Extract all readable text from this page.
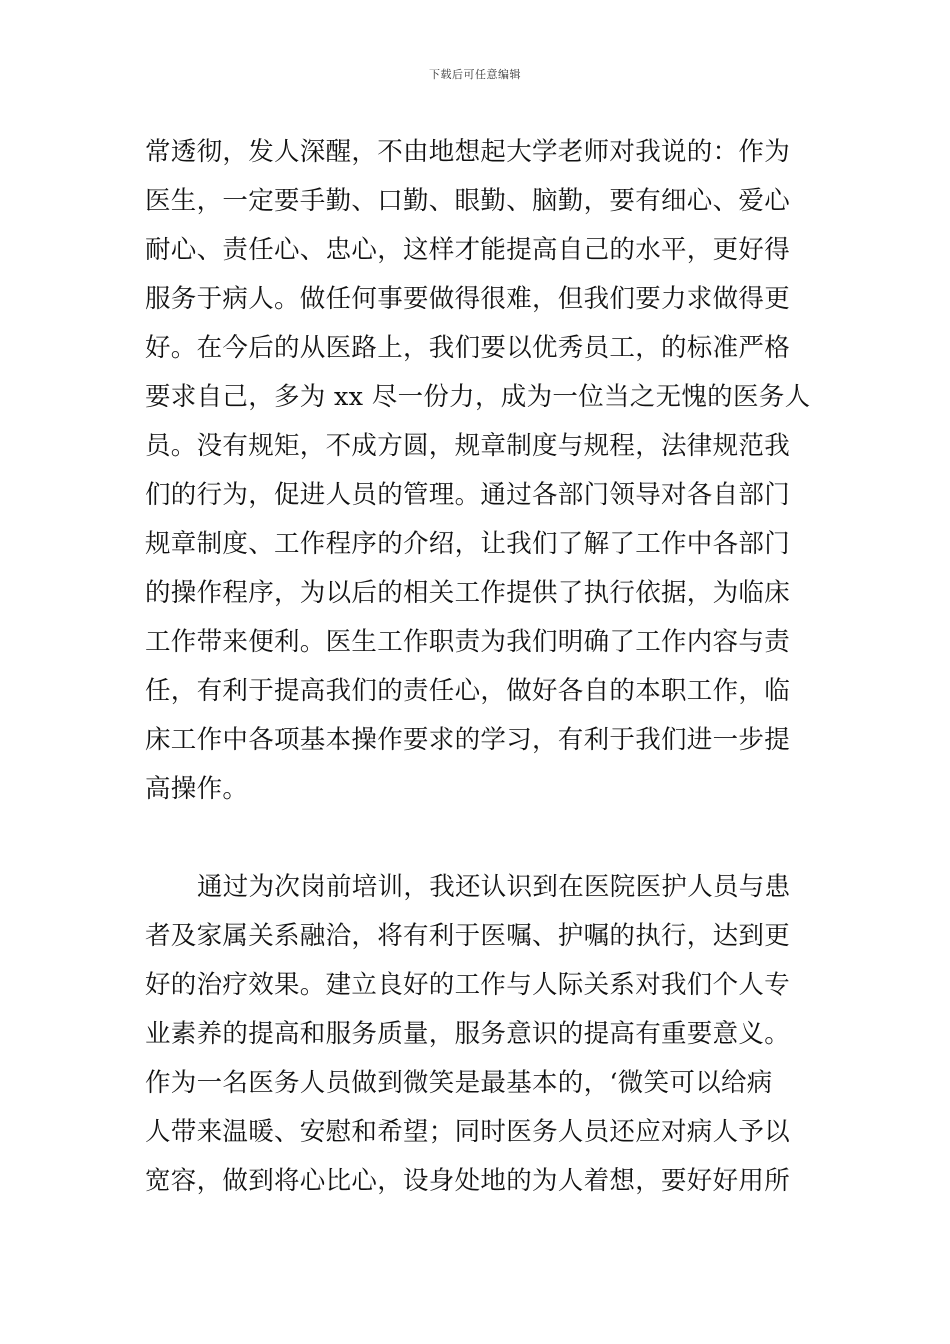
下载后可任意编辑
常透彻，发人深醒，不由地想起大学老师对我说的：作为
医生，一定要手勤、口勤、眼勤、脑勤，要有细心、爱心
耐心、责任心、忠心，这样才能提高自己的水平，更好得
服务于病人。做任何事要做得很难，但我们要力求做得更
好。在今后的从医路上，我们要以优秀员工，的标准严格
要求自己，多为 xx 尽一份力，成为一位当之无愧的医务人
员。没有规矩，不成方圆，规章制度与规程，法律规范我
们的行为，促进人员的管理。通过各部门领导对各自部门
规章制度、工作程序的介绍，让我们了解了工作中各部门
的操作程序，为以后的相关工作提供了执行依据，为临床
工作带来便利。医生工作职责为我们明确了工作内容与责
任，有利于提高我们的责任心，做好各自的本职工作，临
床工作中各项基本操作要求的学习，有利于我们进一步提
高操作。
通过为次岗前培训，我还认识到在医院医护人员与患
者及家属关系融洽，将有利于医嘱、护嘱的执行，达到更
好的治疗效果。建立良好的工作与人际关系对我们个人专
业素养的提高和服务质量，服务意识的提高有重要意义。
作为一名医务人员做到微笑是最基本的，‘微笑可以给病
人带来温暖、安慰和希望；同时医务人员还应对病人予以
宽容，做到将心比心，设身处地的为人着想，要好好用所
